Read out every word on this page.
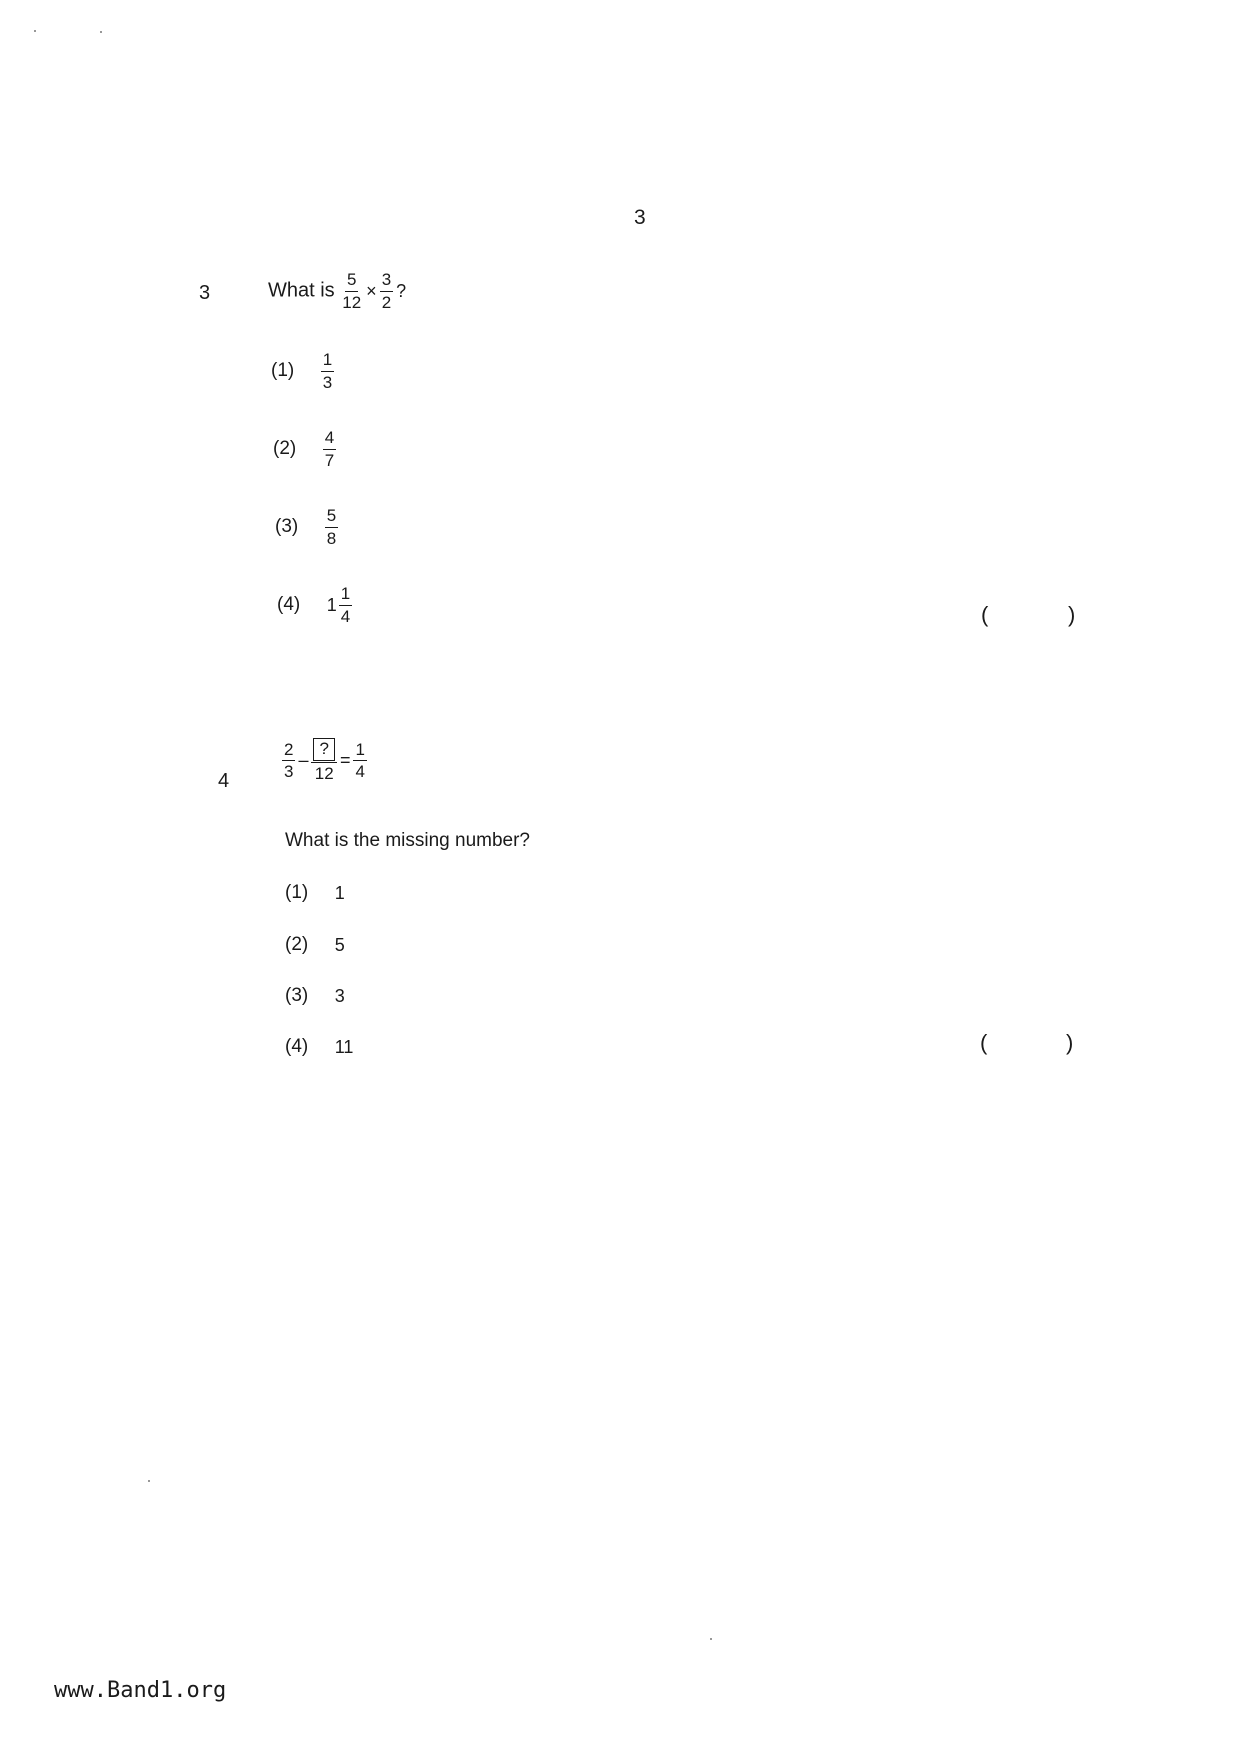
3
3	What is $\frac{5}{12} \times \frac{3}{2}$ ?
$(1) \frac{1}{3}$
$(2) \frac{4}{7}$
$(3) \frac{5}{8}$
(4) $1 \frac{1}{4}$	(	)
4	$\frac{2}{3} - \frac{?}{12} = \frac{1}{4}$
What is the missing number?
(1) 1
(2) 5
(3) 3
(4) 11	(	)
www.Band1.org
